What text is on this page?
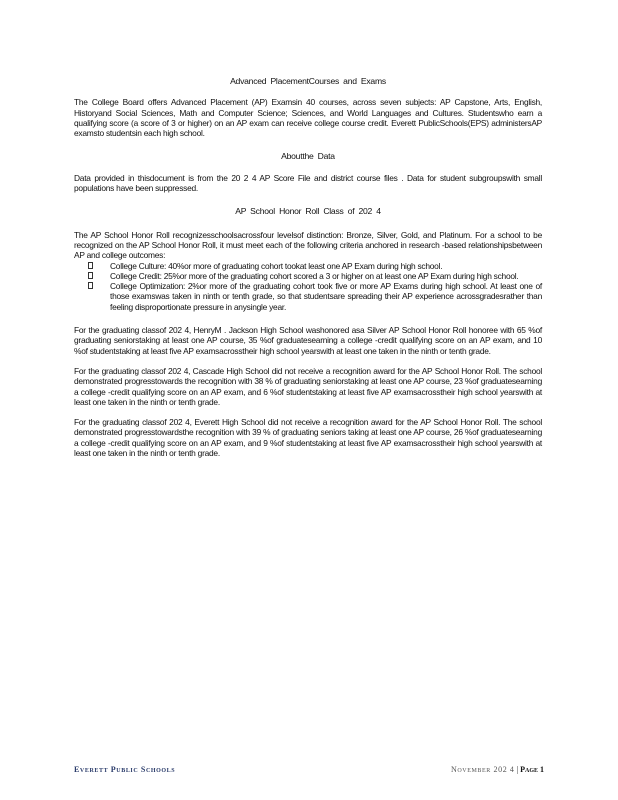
Advanced PlacementCourses and Exams

The College Board offers Advanced Placement (AP) Examsin 40 courses, across seven subjects: AP Capstone, Arts, English, Historyand Social Sciences, Math and Computer Science; Sciences, and World Languages and Cultures. Studentswho earn a qualifying score (a score of 3 or higher) on an AP exam can receive college course credit. Everett PublicSchools(EPS) administersAP examsto studentsin each high school.

Aboutthe Data

Data provided in thisdocument is from the 20 2 4 AP Score File and district course files . Data for student subgroupswith small populations have been suppressed.

AP School Honor Roll Class of 202 4

The AP School Honor Roll recognizesschoolsacrossfour levelsof distinction: Bronze, Silver, Gold, and Platinum. For a school to be recognized on the AP School Honor Roll, it must meet each of the following criteria anchored in research -based relationshipsbetween AP and college outcomes:

College Culture: 40%or more of graduating cohort tookat least one AP Exam during high school.
College Credit: 25%or more of the graduating cohort scored a 3 or higher on at least one AP Exam during high school.
College Optimization: 2%or more of the graduating cohort took five or more AP Exams during high school. At least one of those examswas taken in ninth or tenth grade, so that studentsare spreading their AP experience acrossgradesrather than feeling disproportionate pressure in anysingle year.

For the graduating classof 202 4, HenryM . Jackson High School washonored asa Silver AP School Honor Roll honoree with 65 %of graduating seniorstaking at least one AP course, 35 %of graduatesearning a college -credit qualifying score on an AP exam, and 10 %of studentstaking at least five AP examsacrosstheir high school yearswith at least one taken in the ninth or tenth grade.

For the graduating classof 202 4, Cascade High School did not receive a recognition award for the AP School Honor Roll. The school demonstrated progresstowards the recognition with 38 % of graduating seniorstaking at least one AP course, 23 %of graduatesearning a college -credit qualifying score on an AP exam, and 6 %of studentstaking at least five AP examsacrosstheir high school yearswith at least one taken in the ninth or tenth grade.

For the graduating classof 202 4, Everett High School did not receive a recognition award for the AP School Honor Roll. The school demonstrated progresstowardsthe recognition with 39 % of graduating seniors taking at least one AP course, 26 %of graduatesearning a college -credit qualifying score on an AP exam, and 9 %of studentstaking at least five AP examsacrosstheir high school yearswith at least one taken in the ninth or tenth grade.

Everett Public Schools	November 202 4 | Page 1
